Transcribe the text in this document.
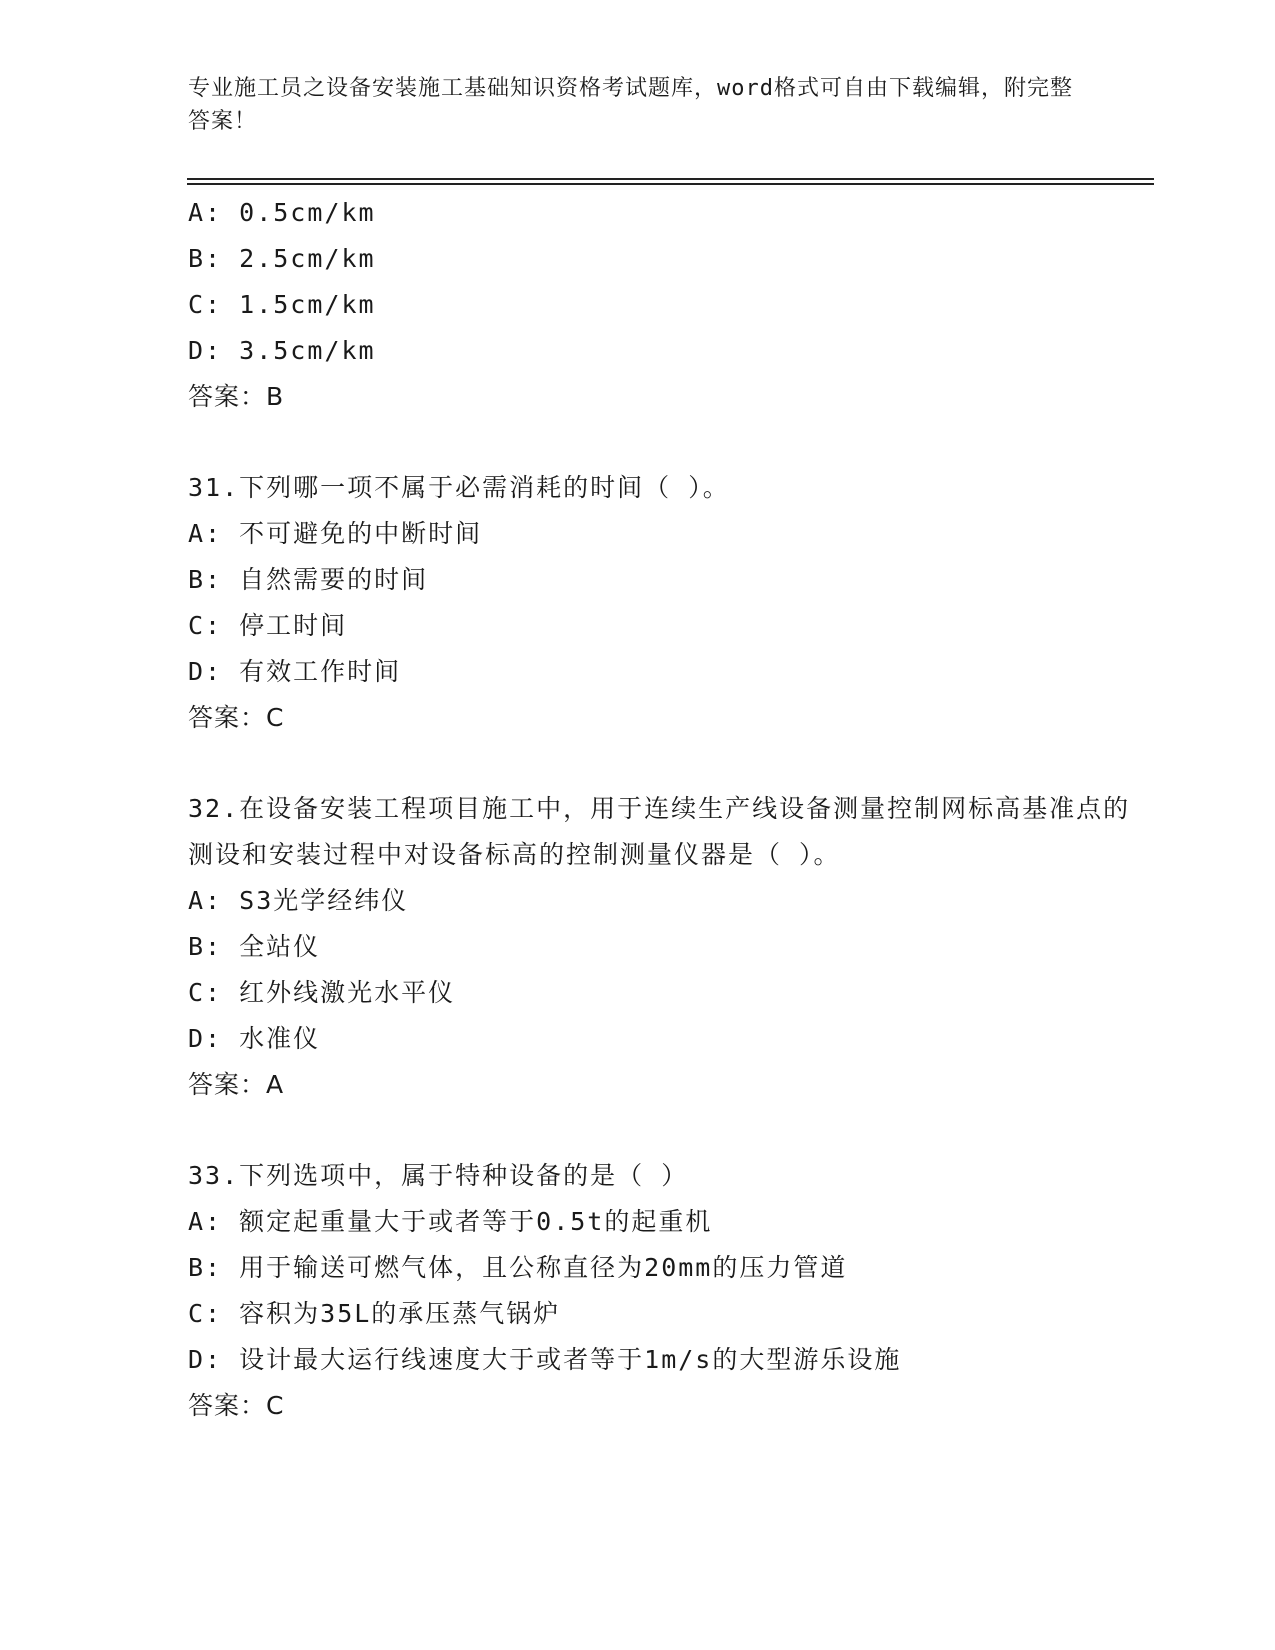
专业施工员之设备安装施工基础知识资格考试题库，word格式可自由下载编辑，附完整答案！
A: 0.5cm/km
B: 2.5cm/km
C: 1.5cm/km
D: 3.5cm/km
答案：B
31.下列哪一项不属于必需消耗的时间（ ）。
A: 不可避免的中断时间
B: 自然需要的时间
C: 停工时间
D: 有效工作时间
答案：C
32.在设备安装工程项目施工中，用于连续生产线设备测量控制网标高基准点的测设和安装过程中对设备标高的控制测量仪器是（ ）。
A: S3光学经纬仪
B: 全站仪
C: 红外线激光水平仪
D: 水准仪
答案：A
33.下列选项中，属于特种设备的是（ ）
A: 额定起重量大于或者等于0.5t的起重机
B: 用于输送可燃气体，且公称直径为20mm的压力管道
C: 容积为35L的承压蒸气锅炉
D: 设计最大运行线速度大于或者等于1m/s的大型游乐设施
答案：C
